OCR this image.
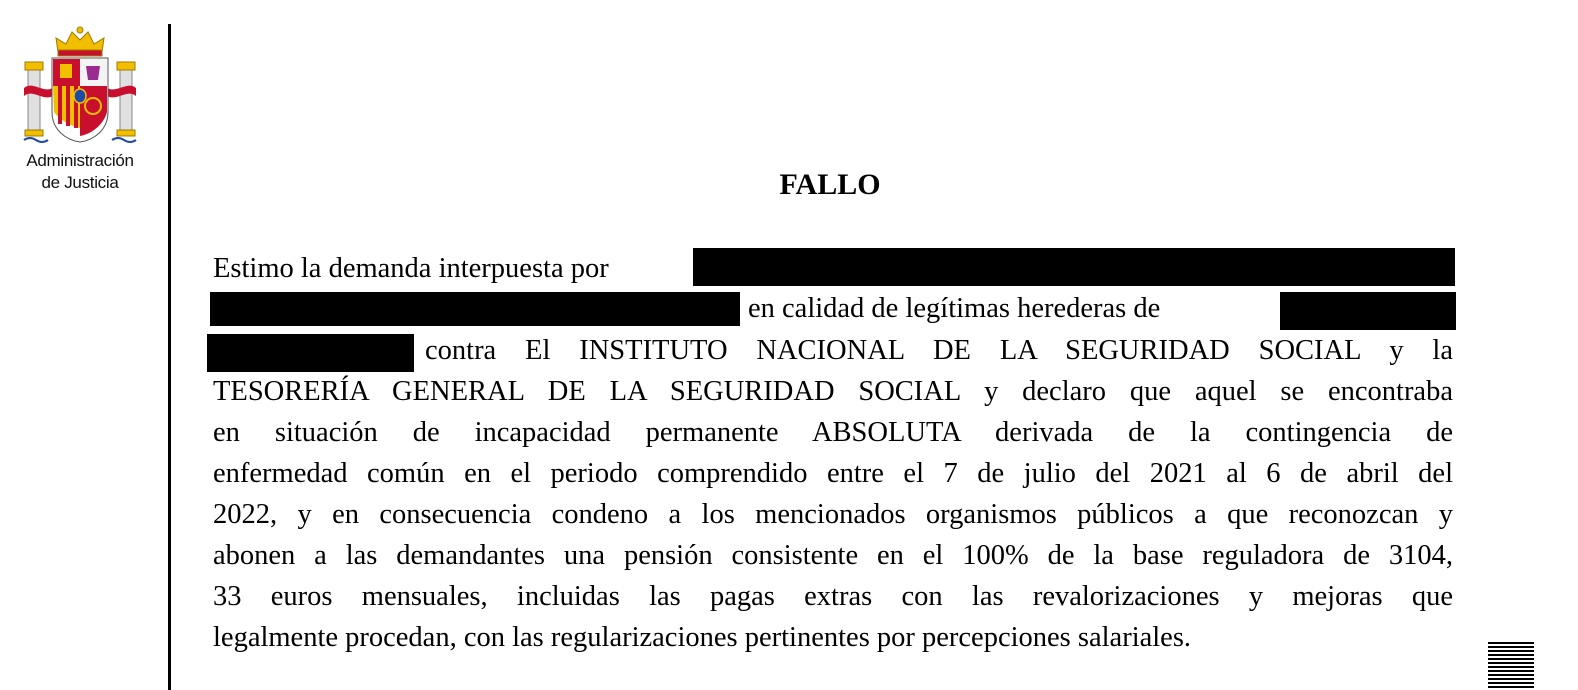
Administración
de Justicia	FALLO
Estimo la demanda interpuesta por
en calidad de legítimas herederas de
contra El INSTITUTO NACIONAL DE LA SEGURIDAD SOCIAL y la
TESORERÍA GENERAL DE LA SEGURIDAD SOCIAL y declaro que aquel se encontraba
en situación de incapacidad permanente ABSOLUTA derivada de la contingencia de
enfermedad común en el periodo comprendido entre el 7 de julio del 2021 al 6 de abril del
2022, y en consecuencia condeno a los mencionados organismos públicos a que reconozcan y
abonen a las demandantes una pensión consistente en el 100% de la base reguladora de 3104,
33 euros mensuales, incluidas las pagas extras con las revalorizaciones y mejoras que
legalmente procedan, con las regularizaciones pertinentes por percepciones salariales.
